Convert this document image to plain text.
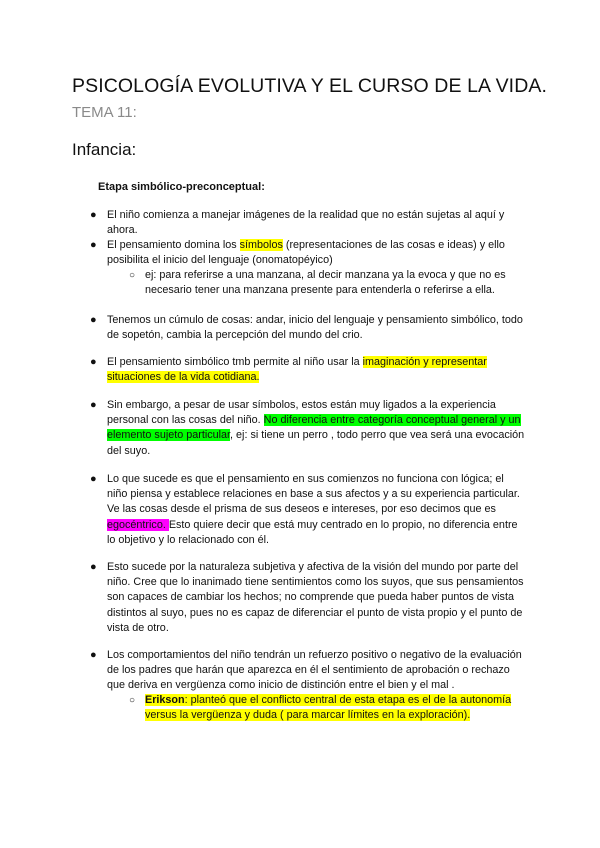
PSICOLOGÍA EVOLUTIVA Y EL CURSO DE LA VIDA.
TEMA 11:
Infancia:

Etapa simbólico-preconceptual:

● El niño comienza a manejar imágenes de la realidad que no están sujetas al aquí y ahora.

● El pensamiento domina los símbolos (representaciones de las cosas e ideas) y ello posibilita el inicio del lenguaje (onomatopéyico)

○ ej: para referirse a una manzana, al decir manzana ya la evoca y que no es necesario tener una manzana presente para entenderla o referirse a ella.

● Tenemos un cúmulo de cosas: andar, inicio del lenguaje y pensamiento simbólico, todo de sopetón, cambia la percepción del mundo del crio.

● El pensamiento simbólico tmb permite al niño usar la imaginación y representar situaciones de la vida cotidiana.

● Sin embargo, a pesar de usar símbolos, estos están muy ligados a la experiencia personal con las cosas del niño. No diferencia entre categoría conceptual general y un elemento sujeto particular, ej: si tiene un perro , todo perro que vea será una evocación del suyo.

● Lo que sucede es que el pensamiento en sus comienzos no funciona con lógica; el niño piensa y establece relaciones en base a sus afectos y a su experiencia particular. Ve las cosas desde el prisma de sus deseos e intereses, por eso decimos que es egocéntrico. Esto quiere decir que está muy centrado en lo propio, no diferencia entre lo objetivo y lo relacionado con él.

● Esto sucede por la naturaleza subjetiva y afectiva de la visión del mundo por parte del niño. Cree que lo inanimado tiene sentimientos como los suyos, que sus pensamientos son capaces de cambiar los hechos; no comprende que pueda haber puntos de vista distintos al suyo, pues no es capaz de diferenciar el punto de vista propio y el punto de vista de otro.

● Los comportamientos del niño tendrán un refuerzo positivo o negativo de la evaluación de los padres que harán que aparezca en él el sentimiento de aprobación o rechazo que deriva en vergüenza como inicio de distinción entre el bien y el mal .

○ Erikson: planteó que el conflicto central de esta etapa es el de la autonomía versus la vergüenza y duda ( para marcar límites en la exploración).
